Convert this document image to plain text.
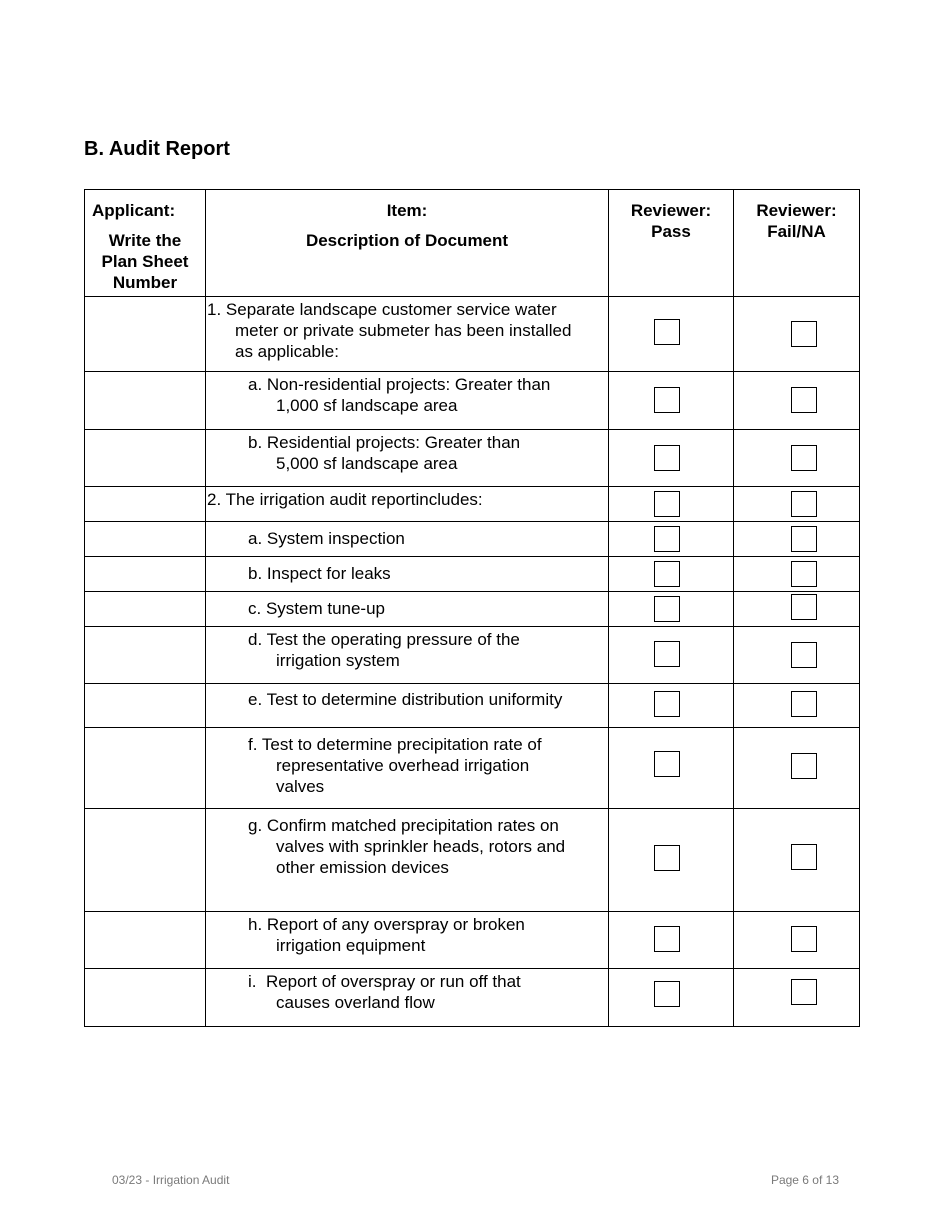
B. Audit Report
Applicant:
Write the Plan Sheet Number
Item:
Description of Document
Reviewer: Pass
Reviewer: Fail/NA
1. Separate landscape customer service water
meter or private submeter has been installed
as applicable:
a. Non-residential projects: Greater than
1,000 sf landscape area
b. Residential projects: Greater than
5,000 sf landscape area
2. The irrigation audit reportincludes:
a. System inspection
b. Inspect for leaks
c. System tune-up
d. Test the operating pressure of the
irrigation system
e. Test to determine distribution uniformity
f. Test to determine precipitation rate of
representative overhead irrigation
valves
g. Confirm matched precipitation rates on
valves with sprinkler heads, rotors and
other emission devices
h. Report of any overspray or broken
irrigation equipment
i.  Report of overspray or run off that
causes overland flow
03/23 - Irrigation Audit	Page 6 of 13
